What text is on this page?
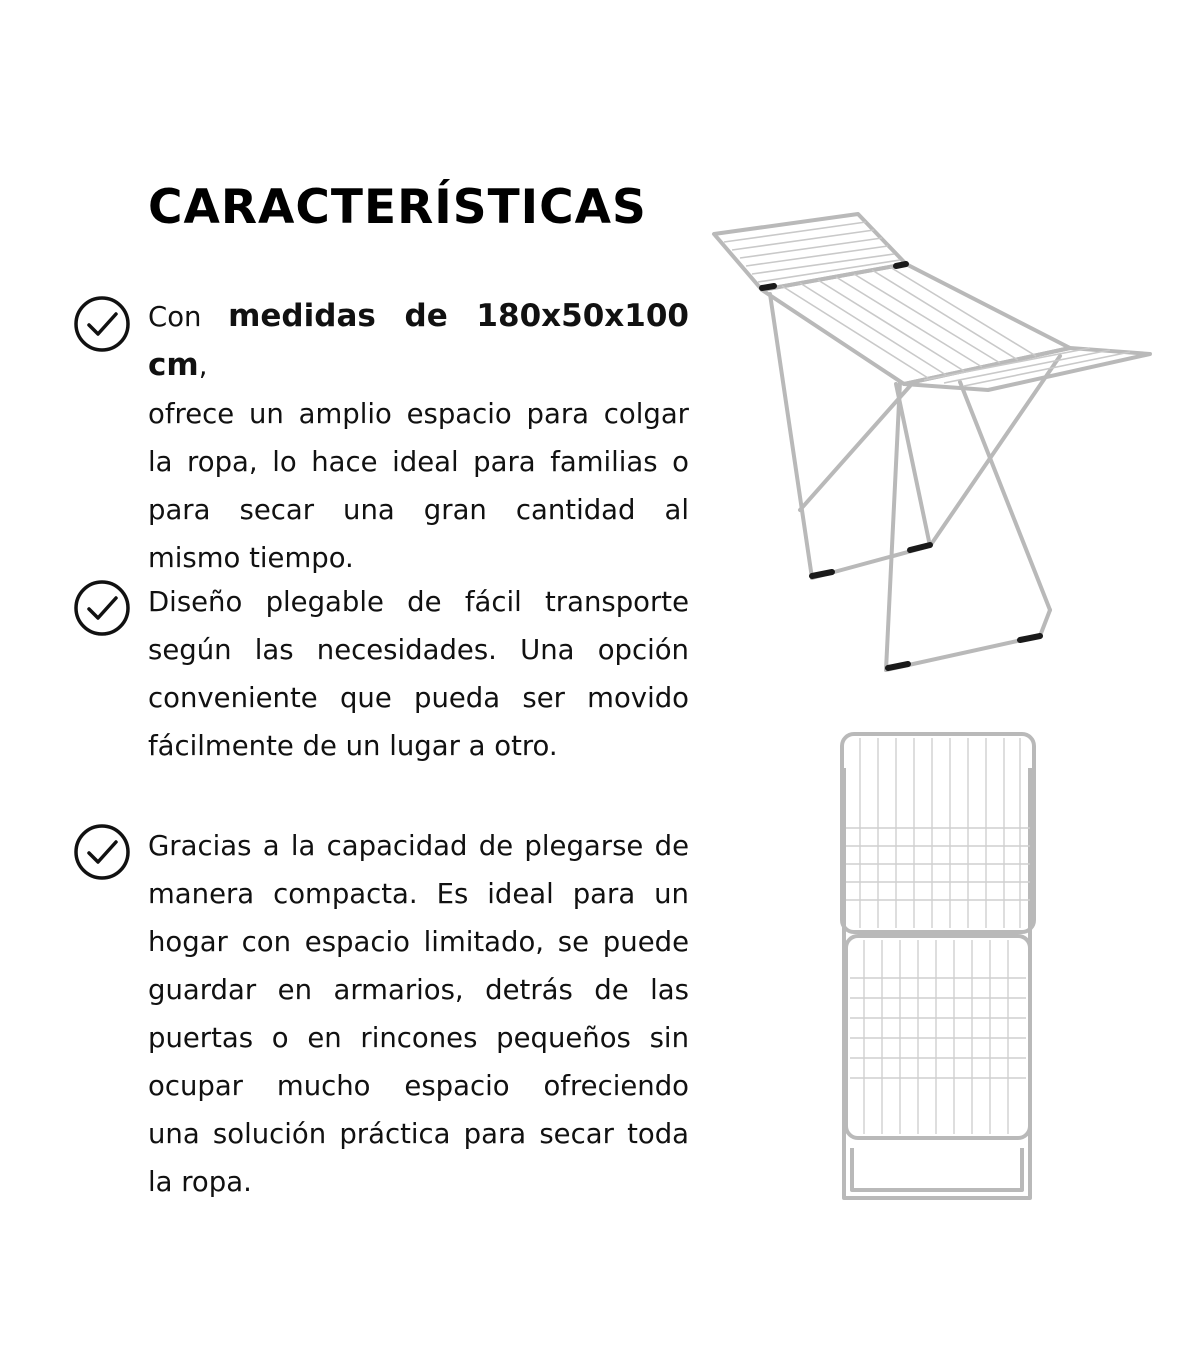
CARACTERÍSTICAS
Con medidas de 180x50x100 cm,
ofrece un amplio espacio para colgar
la ropa, lo hace ideal para familias o
para secar una gran cantidad al
mismo tiempo.
Diseño plegable de fácil transporte
según las necesidades. Una opción
conveniente que pueda ser movido
fácilmente de un lugar a otro.
Gracias a la capacidad de plegarse de
manera compacta. Es ideal para un
hogar con espacio limitado, se puede
guardar en armarios, detrás de las
puertas o en rincones pequeños sin
ocupar mucho espacio ofreciendo
una solución práctica para secar toda
la ropa.
